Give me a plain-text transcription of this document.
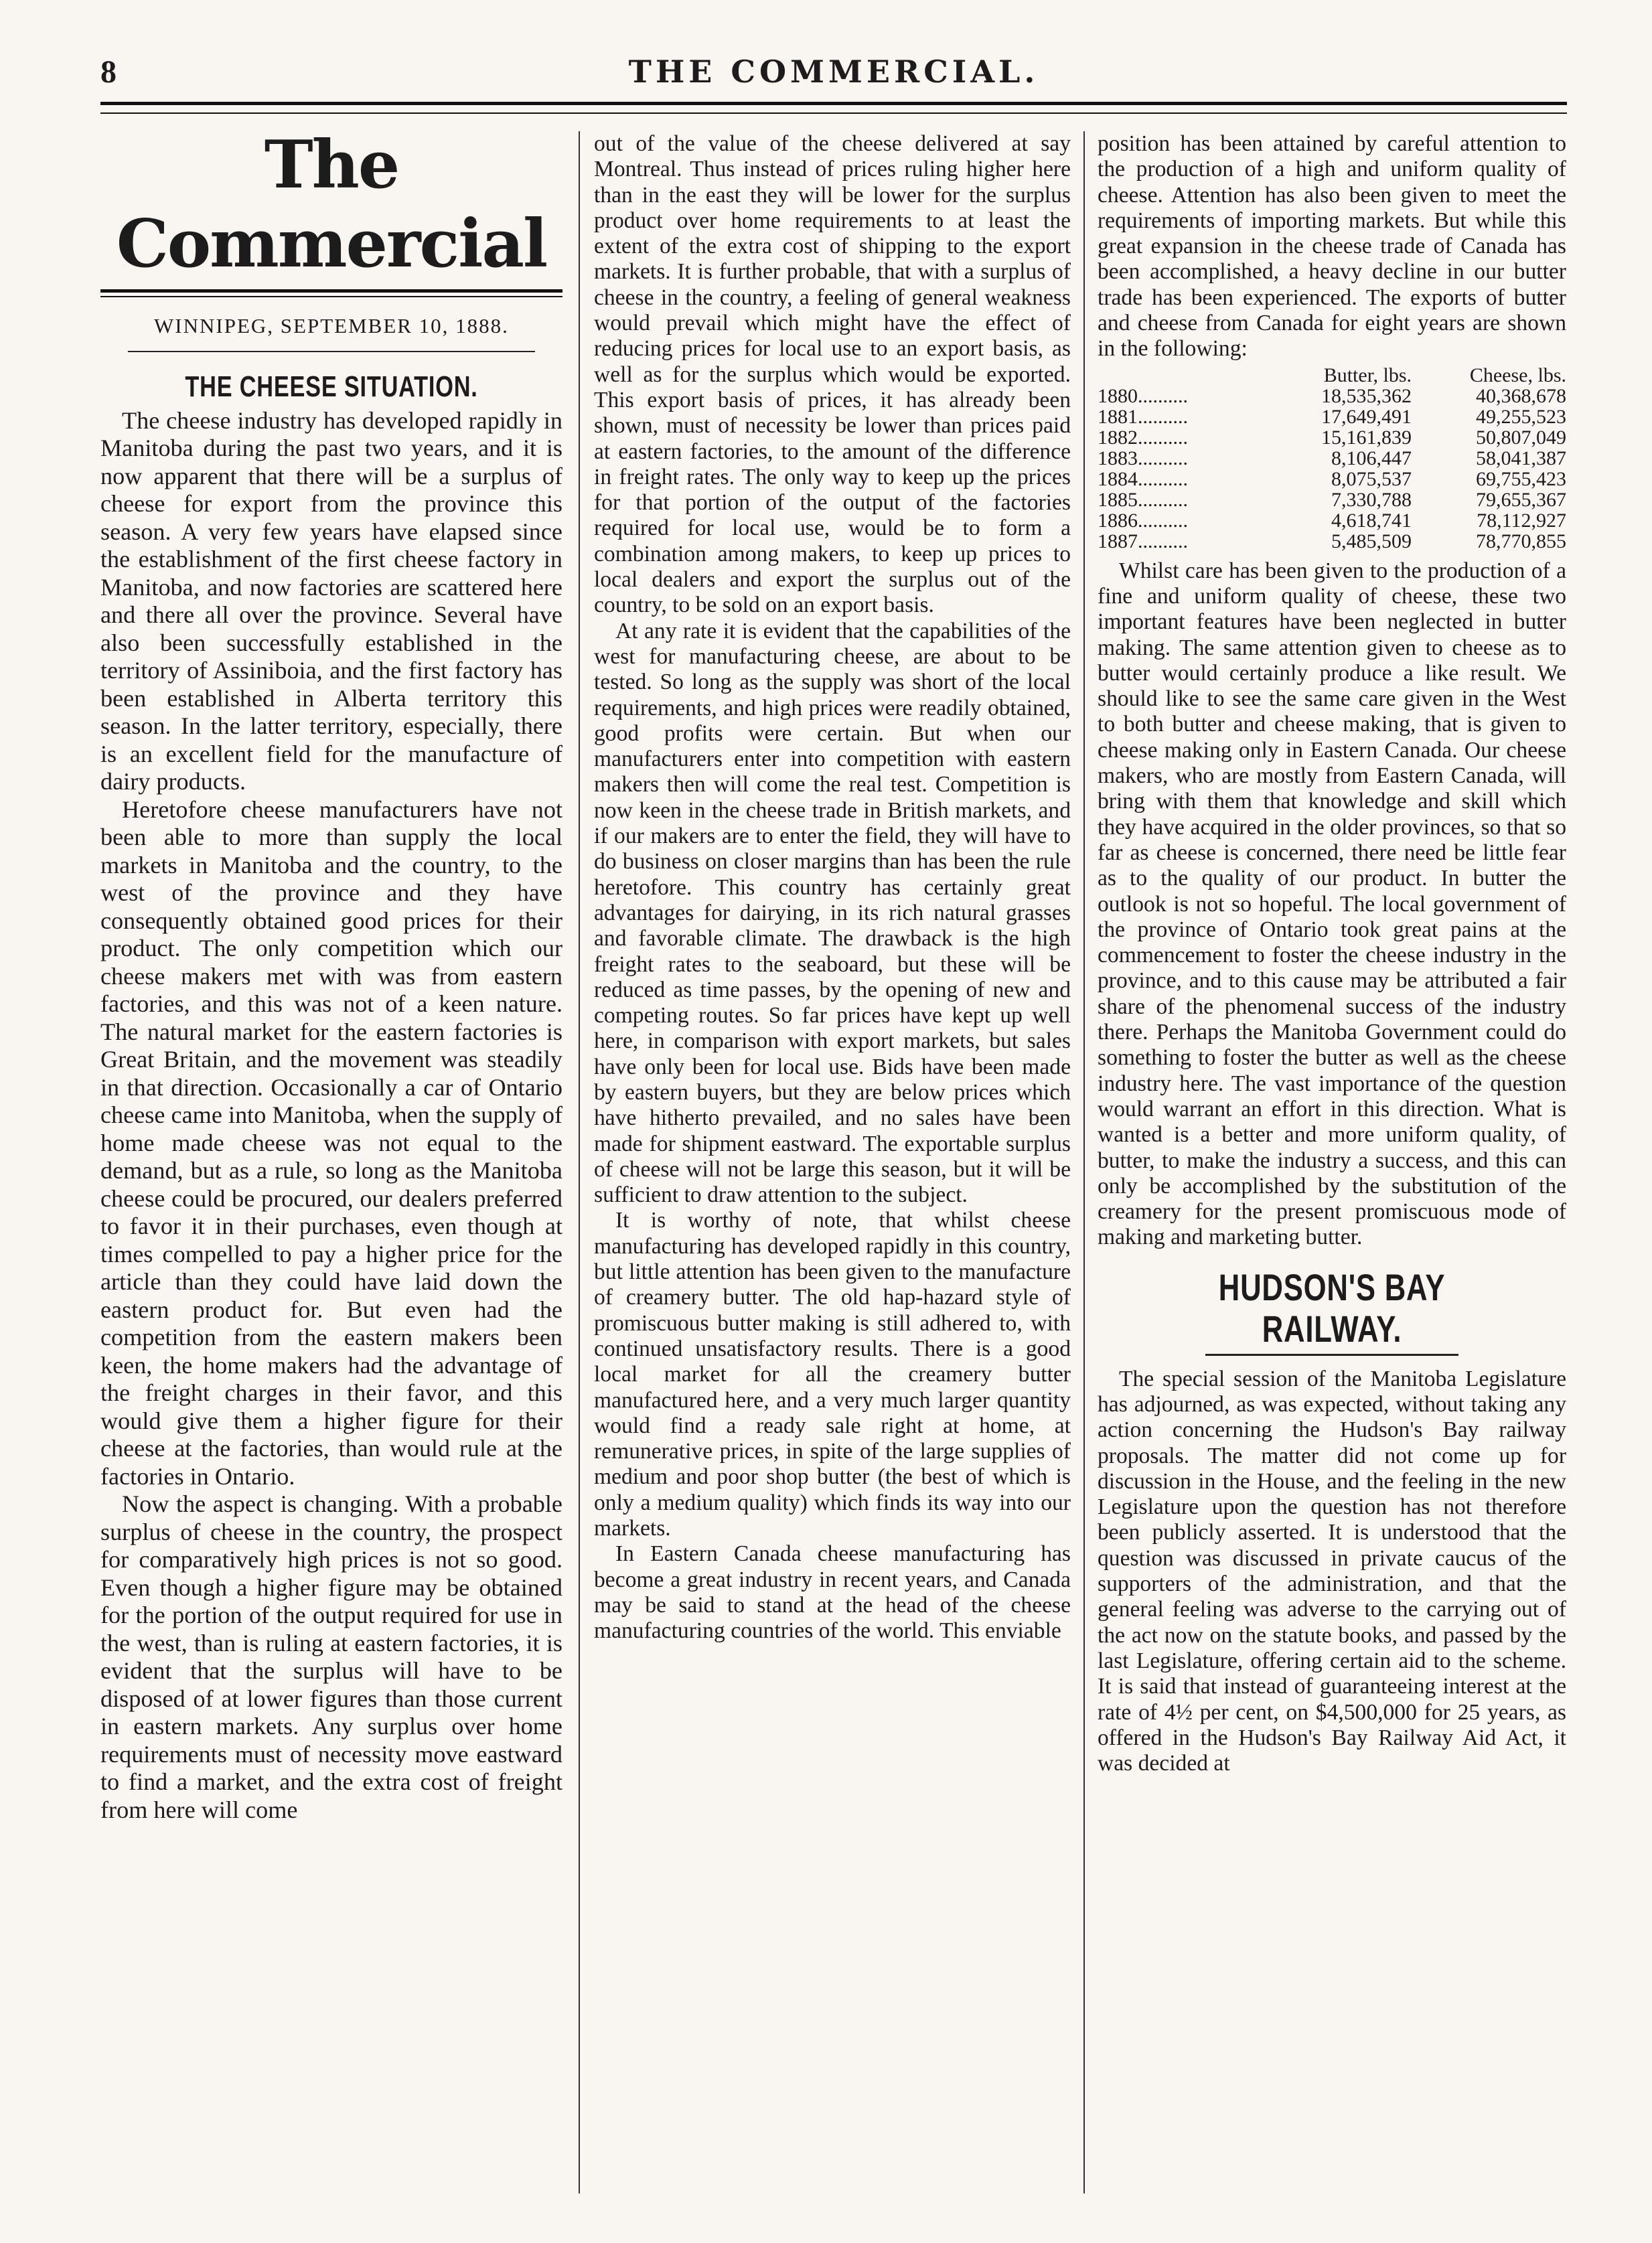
8	THE COMMERCIAL.
The Commercial
WINNIPEG, SEPTEMBER 10, 1888.
THE CHEESE SITUATION.

The cheese industry has developed rapidly in Manitoba during the past two years, and it is now apparent that there will be a surplus of cheese for export from the province this season. A very few years have elapsed since the establishment of the first cheese factory in Manitoba, and now factories are scattered here and there all over the province. Several have also been successfully established in the territory of Assiniboia, and the first factory has been established in Alberta territory this season. In the latter territory, especially, there is an excellent field for the manufacture of dairy products.

Heretofore cheese manufacturers have not been able to more than supply the local markets in Manitoba and the country, to the west of the province and they have consequently obtained good prices for their product. The only competition which our cheese makers met with was from eastern factories, and this was not of a keen nature. The natural market for the eastern factories is Great Britain, and the movement was steadily in that direction. Occasionally a car of Ontario cheese came into Manitoba, when the supply of home made cheese was not equal to the demand, but as a rule, so long as the Manitoba cheese could be procured, our dealers preferred to favor it in their purchases, even though at times compelled to pay a higher price for the article than they could have laid down the eastern product for. But even had the competition from the eastern makers been keen, the home makers had the advantage of the freight charges in their favor, and this would give them a higher figure for their cheese at the factories, than would rule at the factories in Ontario.

Now the aspect is changing. With a probable surplus of cheese in the country, the prospect for comparatively high prices is not so good. Even though a higher figure may be obtained for the portion of the output required for use in the west, than is ruling at eastern factories, it is evident that the surplus will have to be disposed of at lower figures than those current in eastern markets. Any surplus over home requirements must of necessity move eastward to find a market, and the extra cost of freight from here will come

out of the value of the cheese delivered at say Montreal. Thus instead of prices ruling higher here than in the east they will be lower for the surplus product over home requirements to at least the extent of the extra cost of shipping to the export markets. It is further probable, that with a surplus of cheese in the country, a feeling of general weakness would prevail which might have the effect of reducing prices for local use to an export basis, as well as for the surplus which would be exported. This export basis of prices, it has already been shown, must of necessity be lower than prices paid at eastern factories, to the amount of the difference in freight rates. The only way to keep up the prices for that portion of the output of the factories required for local use, would be to form a combination among makers, to keep up prices to local dealers and export the surplus out of the country, to be sold on an export basis.

At any rate it is evident that the capabilities of the west for manufacturing cheese, are about to be tested. So long as the supply was short of the local requirements, and high prices were readily obtained, good profits were certain. But when our manufacturers enter into competition with eastern makers then will come the real test. Competition is now keen in the cheese trade in British markets, and if our makers are to enter the field, they will have to do business on closer margins than has been the rule heretofore. This country has certainly great advantages for dairying, in its rich natural grasses and favorable climate. The drawback is the high freight rates to the seaboard, but these will be reduced as time passes, by the opening of new and competing routes. So far prices have kept up well here, in comparison with export markets, but sales have only been for local use. Bids have been made by eastern buyers, but they are below prices which have hitherto prevailed, and no sales have been made for shipment eastward. The exportable surplus of cheese will not be large this season, but it will be sufficient to draw attention to the subject.

It is worthy of note, that whilst cheese manufacturing has developed rapidly in this country, but little attention has been given to the manufacture of creamery butter. The old hap-hazard style of promiscuous butter making is still adhered to, with continued unsatisfactory results. There is a good local market for all the creamery butter manufactured here, and a very much larger quantity would find a ready sale right at home, at remunerative prices, in spite of the large supplies of medium and poor shop butter (the best of which is only a medium quality) which finds its way into our markets.

In Eastern Canada cheese manufacturing has become a great industry in recent years, and Canada may be said to stand at the head of the cheese manufacturing countries of the world. This enviable

position has been attained by careful attention to the production of a high and uniform quality of cheese. Attention has also been given to meet the requirements of importing markets. But while this great expansion in the cheese trade of Canada has been accomplished, a heavy decline in our butter trade has been experienced. The exports of butter and cheese from Canada for eight years are shown in the following:

Butter, lbs.	Cheese, lbs.
1880..........	18,535,362	40,368,678
1881..........	17,649,491	49,255,523
1882..........	15,161,839	50,807,049
1883..........	8,106,447	58,041,387
1884..........	8,075,537	69,755,423
1885..........	7,330,788	79,655,367
1886..........	4,618,741	78,112,927
1887..........	5,485,509	78,770,855

Whilst care has been given to the production of a fine and uniform quality of cheese, these two important features have been neglected in butter making. The same attention given to cheese as to butter would certainly produce a like result. We should like to see the same care given in the West to both butter and cheese making, that is given to cheese making only in Eastern Canada. Our cheese makers, who are mostly from Eastern Canada, will bring with them that knowledge and skill which they have acquired in the older provinces, so that so far as cheese is concerned, there need be little fear as to the quality of our product. In butter the outlook is not so hopeful. The local government of the province of Ontario took great pains at the commencement to foster the cheese industry in the province, and to this cause may be attributed a fair share of the phenomenal success of the industry there. Perhaps the Manitoba Government could do something to foster the butter as well as the cheese industry here. The vast importance of the question would warrant an effort in this direction. What is wanted is a better and more uniform quality, of butter, to make the industry a success, and this can only be accomplished by the substitution of the creamery for the present promiscuous mode of making and marketing butter.

HUDSON'S BAY RAILWAY.

The special session of the Manitoba Legislature has adjourned, as was expected, without taking any action concerning the Hudson's Bay railway proposals. The matter did not come up for discussion in the House, and the feeling in the new Legislature upon the question has not therefore been publicly asserted. It is understood that the question was discussed in private caucus of the supporters of the administration, and that the general feeling was adverse to the carrying out of the act now on the statute books, and passed by the last Legislature, offering certain aid to the scheme. It is said that instead of guaranteeing interest at the rate of 4½ per cent, on $4,500,000 for 25 years, as offered in the Hudson's Bay Railway Aid Act, it was decided at
